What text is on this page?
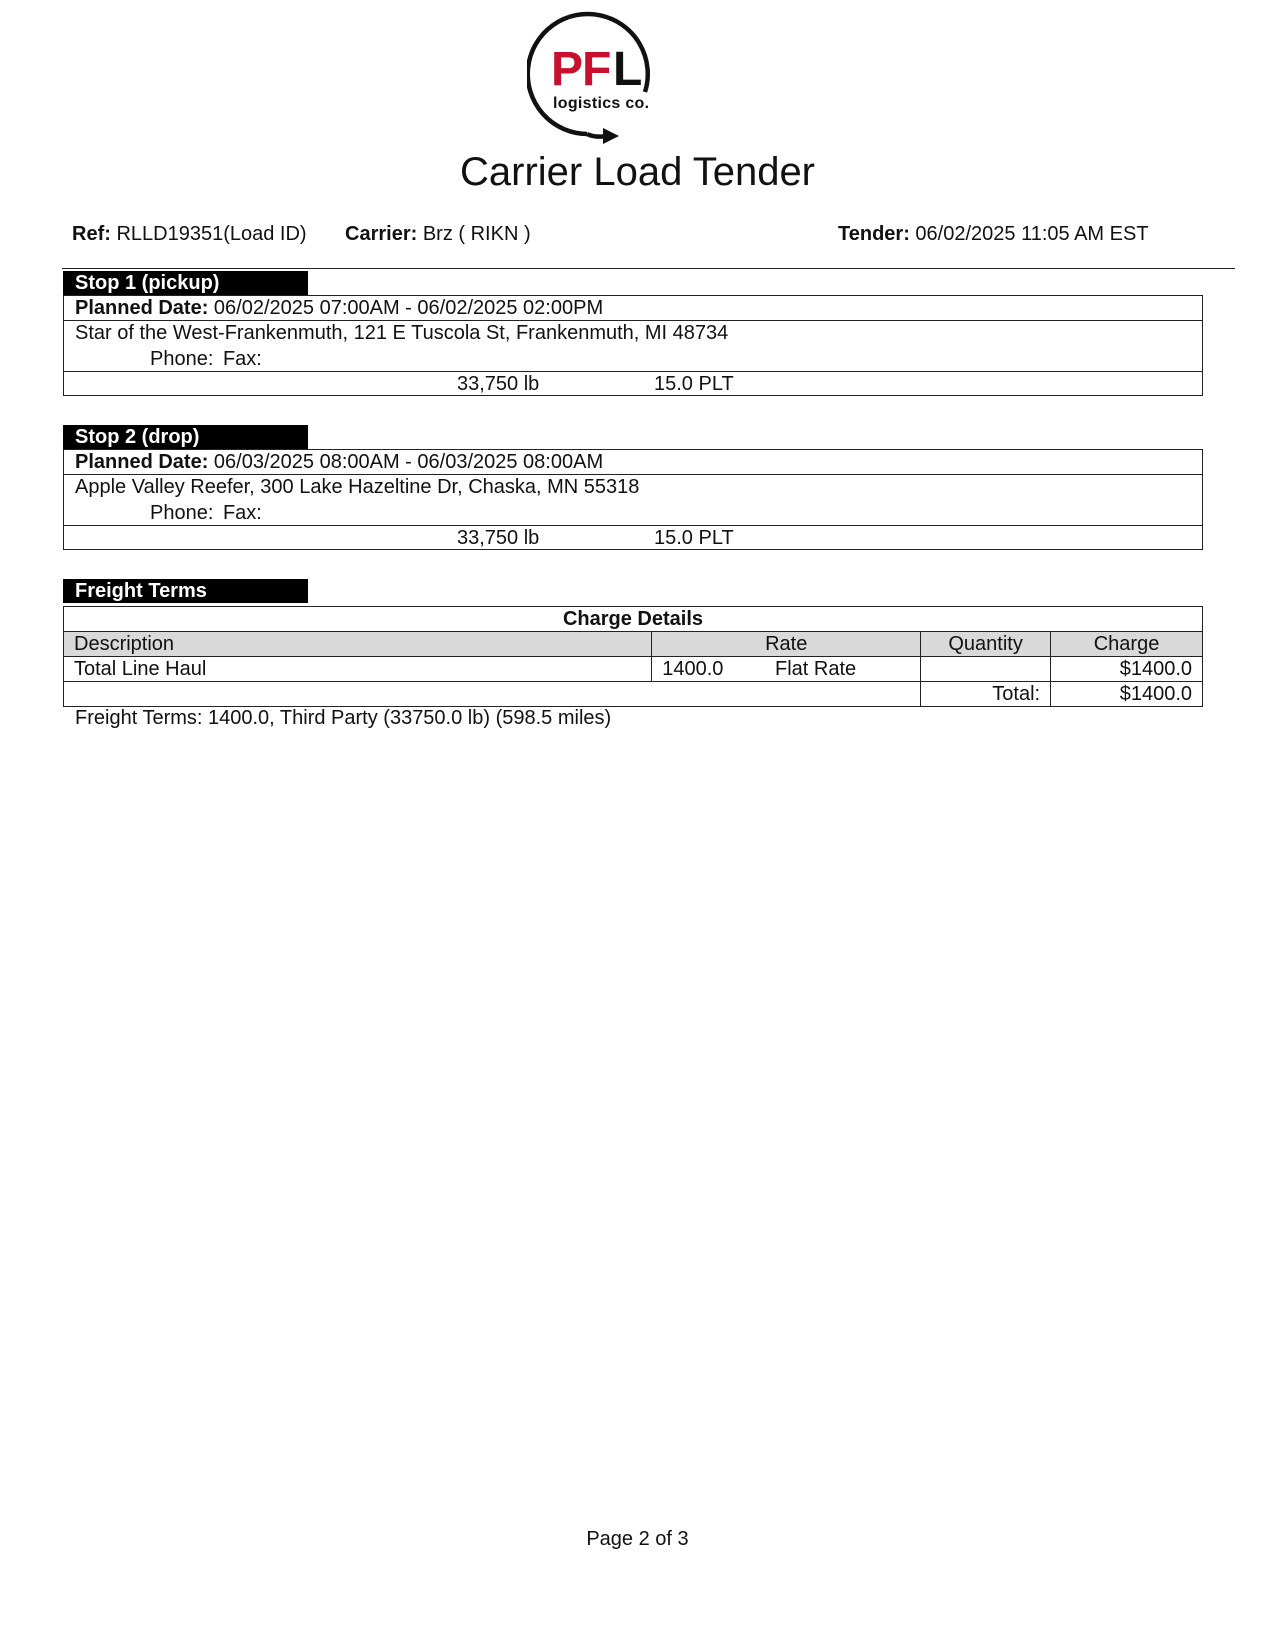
PF L
logistics co.
Carrier Load Tender
Ref: RLLD19351(Load ID) Carrier: Brz ( RIKN )	Tender: 06/02/2025 11:05 AM EST
Stop 1 (pickup)
Planned Date: 06/02/2025 07:00AM - 06/02/2025 02:00PM
Star of the West-Frankenmuth, 121 E Tuscola St, Frankenmuth, MI 48734
Phone: Fax:
33,750 lb	15.0 PLT
Stop 2 (drop)
Planned Date: 06/03/2025 08:00AM - 06/03/2025 08:00AM
Apple Valley Reefer, 300 Lake Hazeltine Dr, Chaska, MN 55318
Phone: Fax:
33,750 lb	15.0 PLT
Freight Terms
Charge Details			
Description	Rate	Quantity	Charge
Total Line Haul	1400.0 Flat Rate		$1400.0
		Total:	$1400.0
Freight Terms: 1400.0, Third Party (33750.0 lb) (598.5 miles)
Page 2 of 3
